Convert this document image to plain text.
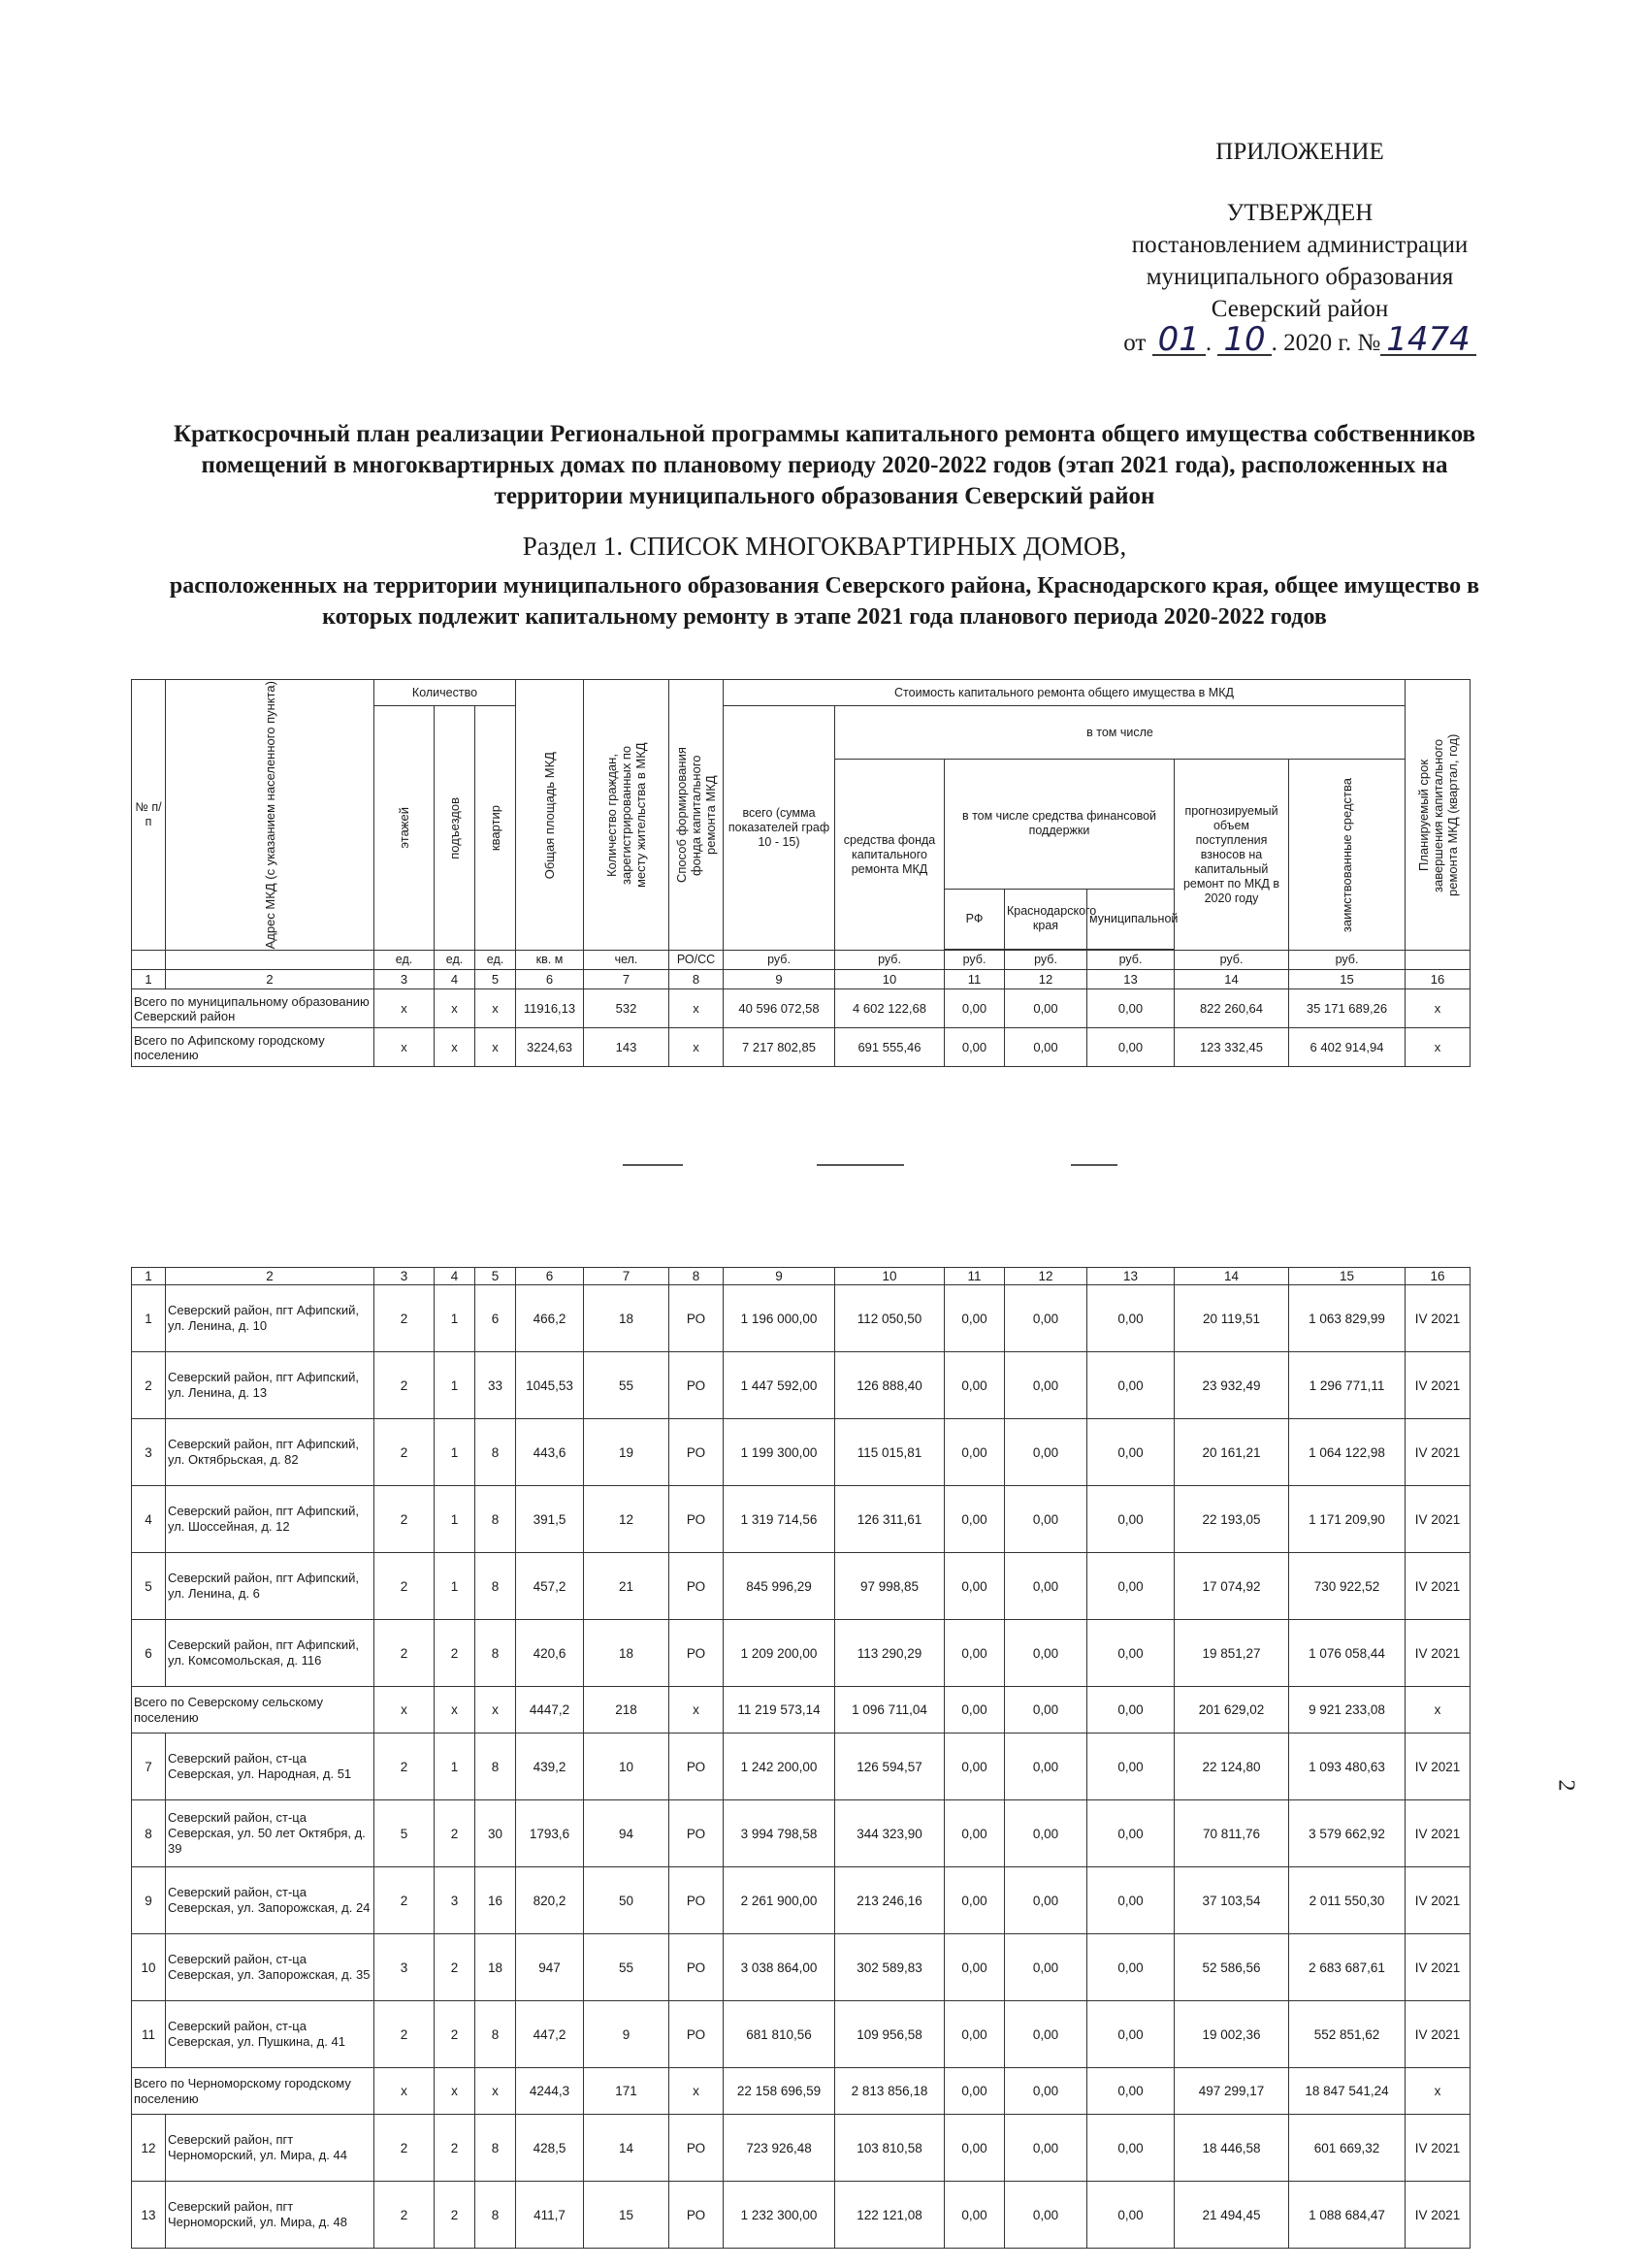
ПРИЛОЖЕНИЕ
УТВЕРЖДЕН
постановлением администрации
муниципального образования
Северский район
от 01 . 10 . 2020 г. № 1474
Краткосрочный план реализации Региональной программы капитального ремонта общего имущества собственников помещений в многоквартирных домах по плановому периоду 2020-2022 годов (этап 2021 года), расположенных на территории муниципального образования Северский район
Раздел 1. СПИСОК МНОГОКВАРТИРНЫХ ДОМОВ,
расположенных на территории муниципального образования Северского района, Краснодарского края, общее имущество в которых подлежит капитальному ремонту в этапе 2021 года планового периода 2020-2022 годов
№ п/п	Адрес МКД (с указанием населенного пункта)	Количество			Общая площадь МКД	Количество граждан, зарегистрированных по месту жительства в МКД	Способ формирования фонда капитального ремонта МКД	Стоимость капитального ремонта общего имущества в МКД							Планируемый срок завершения капитального ремонта МКД (квартал, год)

		этажей	подъездов	квартир				всего (сумма показателей граф 10 - 15)	в том числе						
									средства фонда капитального ремонта МКД	в том числе средства финансовой поддержки			прогнозируемый объем поступления взносов на капитальный ремонт по МКД в 2020 году	заимствованные средства	

										РФ	Краснодарского края	муниципальной			

		ед.	ед.	ед.	кв. м	чел.	РО/СС	руб.	руб.	руб.	руб.	руб.	руб.	руб.	
1	2	3	4	5	6	7	8	9	10	11	12	13	14	15	16
Всего по муниципальному образованию Северский район		x	x	x	11916,13	532	x	40 596 072,58	4 602 122,68	0,00	0,00	0,00	822 260,64	35 171 689,26	x
Всего по Афипскому городскому поселению		x	x	x	3224,63	143	x	7 217 802,85	691 555,46	0,00	0,00	0,00	123 332,45	6 402 914,94	x
1	2	3	4	5	6	7	8	9	10	11	12	13	14	15	16
1	Северский район, пгт Афипский, ул. Ленина, д. 10	2	1	6	466,2	18	РО	1 196 000,00	112 050,50	0,00	0,00	0,00	20 119,51	1 063 829,99	IV 2021
2	Северский район, пгт Афипский, ул. Ленина, д. 13	2	1	33	1045,53	55	РО	1 447 592,00	126 888,40	0,00	0,00	0,00	23 932,49	1 296 771,11	IV 2021
3	Северский район, пгт Афипский, ул. Октябрьская, д. 82	2	1	8	443,6	19	РО	1 199 300,00	115 015,81	0,00	0,00	0,00	20 161,21	1 064 122,98	IV 2021
4	Северский район, пгт Афипский, ул. Шоссейная, д. 12	2	1	8	391,5	12	РО	1 319 714,56	126 311,61	0,00	0,00	0,00	22 193,05	1 171 209,90	IV 2021
5	Северский район, пгт Афипский, ул. Ленина, д. 6	2	1	8	457,2	21	РО	845 996,29	97 998,85	0,00	0,00	0,00	17 074,92	730 922,52	IV 2021
6	Северский район, пгт Афипский, ул. Комсомольская, д. 116	2	2	8	420,6	18	РО	1 209 200,00	113 290,29	0,00	0,00	0,00	19 851,27	1 076 058,44	IV 2021
Всего по Северскому сельскому поселению		x	x	x	4447,2	218	x	11 219 573,14	1 096 711,04	0,00	0,00	0,00	201 629,02	9 921 233,08	x
7	Северский район, ст-ца Северская, ул. Народная, д. 51	2	1	8	439,2	10	РО	1 242 200,00	126 594,57	0,00	0,00	0,00	22 124,80	1 093 480,63	IV 2021
8	Северский район, ст-ца Северская, ул. 50 лет Октября, д. 39	5	2	30	1793,6	94	РО	3 994 798,58	344 323,90	0,00	0,00	0,00	70 811,76	3 579 662,92	IV 2021
9	Северский район, ст-ца Северская, ул. Запорожская, д. 24	2	3	16	820,2	50	РО	2 261 900,00	213 246,16	0,00	0,00	0,00	37 103,54	2 011 550,30	IV 2021
10	Северский район, ст-ца Северская, ул. Запорожская, д. 35	3	2	18	947	55	РО	3 038 864,00	302 589,83	0,00	0,00	0,00	52 586,56	2 683 687,61	IV 2021
11	Северский район, ст-ца Северская, ул. Пушкина, д. 41	2	2	8	447,2	9	РО	681 810,56	109 956,58	0,00	0,00	0,00	19 002,36	552 851,62	IV 2021
Всего по Черноморскому городскому поселению		x	x	x	4244,3	171	x	22 158 696,59	2 813 856,18	0,00	0,00	0,00	497 299,17	18 847 541,24	x
12	Северский район, пгт Черноморский, ул. Мира, д. 44	2	2	8	428,5	14	РО	723 926,48	103 810,58	0,00	0,00	0,00	18 446,58	601 669,32	IV 2021
13	Северский район, пгт Черноморский, ул. Мира, д. 48	2	2	8	411,7	15	РО	1 232 300,00	122 121,08	0,00	0,00	0,00	21 494,45	1 088 684,47	IV 2021
2
